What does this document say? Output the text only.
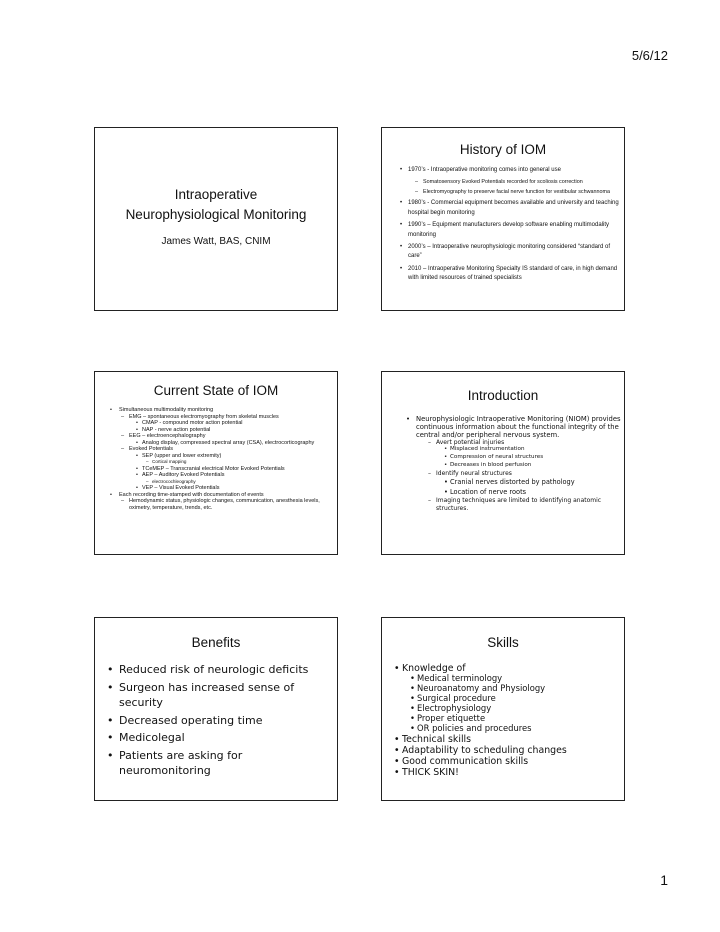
5/6/12
Intraoperative
Neurophysiological Monitoring
James Watt, BAS, CNIM
History of IOM
• 1970’s - Intraoperative monitoring comes into general use
– Somatosensory Evoked Potentials recorded for scoliosis correction
– Electromyography to preserve facial nerve function for vestibular schwannoma
• 1980’s - Commercial equipment becomes available and university and teaching hospital begin monitoring
• 1990’s – Equipment manufacturers develop software enabling multimodality monitoring
• 2000’s – Intraoperative neurophysiologic monitoring considered “standard of care”
• 2010 – Intraoperative Monitoring Specialty IS standard of care, in high demand with limited resources of trained specialists
Current State of IOM
• Simultaneous multimodality monitoring
– EMG – spontaneous electromyography from skeletal muscles
• CMAP - compound motor action potential
• NAP - nerve action potential
– EEG – electroencephalography
• Analog display, compressed spectral array (CSA), electrocorticography
– Evoked Potentials
• SEP (upper and lower extremity)
– Cortical mapping
• TCeMEP – Transcranial electrical Motor Evoked Potentials
• AEP – Auditory Evoked Potentials
– electrocochleography
• VEP – Visual Evoked Potentials
• Each recording time-stamped with documentation of events
– Hemodynamic status, physiologic changes, communication, anesthesia levels, oximetry, temperature, trends, etc.
Introduction
• Neurophysiologic Intraoperative Monitoring (NIOM) provides continuous information about the functional integrity of the central and/or peripheral nervous system.
– Avert potential injuries
• Misplaced instrumentation
• Compression of neural structures
• Decreases in blood perfusion
– Identify neural structures
• Cranial nerves distorted by pathology
• Location of nerve roots
– Imaging techniques are limited to identifying anatomic structures.
Benefits
• Reduced risk of neurologic deficits
• Surgeon has increased sense of security
• Decreased operating time
• Medicolegal
• Patients are asking for neuromonitoring
Skills
• Knowledge of
• Medical terminology
• Neuroanatomy and Physiology
• Surgical procedure
• Electrophysiology
• Proper etiquette
• OR policies and procedures
• Technical skills
• Adaptability to scheduling changes
• Good communication skills
• THICK SKIN!
1
